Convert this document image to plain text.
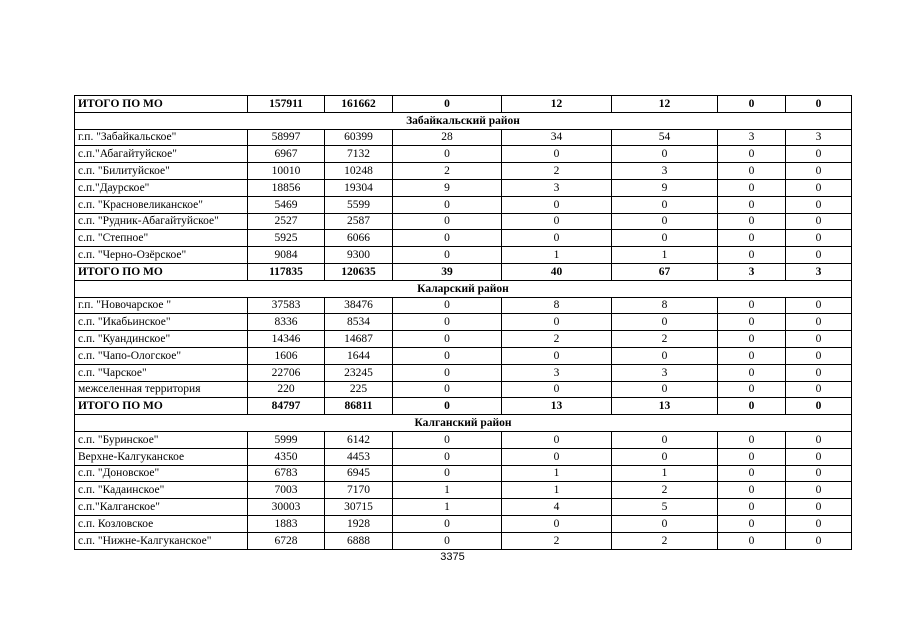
ИТОГО ПО МО	157911	161662	0	12	12	0	0
Забайкальский район							
г.п. "Забайкальское"	58997	60399	28	34	54	3	3
с.п."Абагайтуйское"	6967	7132	0	0	0	0	0
с.п. "Билитуйское"	10010	10248	2	2	3	0	0
с.п."Даурское"	18856	19304	9	3	9	0	0
с.п. "Красновеликанское"	5469	5599	0	0	0	0	0
с.п. "Рудник-Абагайтуйское"	2527	2587	0	0	0	0	0
с.п. "Степное"	5925	6066	0	0	0	0	0
с.п. "Черно-Озёрское"	9084	9300	0	1	1	0	0
ИТОГО ПО МО	117835	120635	39	40	67	3	3
Каларский район							
г.п. "Новочарское "	37583	38476	0	8	8	0	0
с.п. "Икабьинское"	8336	8534	0	0	0	0	0
с.п. "Куандинское"	14346	14687	0	2	2	0	0
с.п. "Чапо-Ологское"	1606	1644	0	0	0	0	0
с.п. "Чарское"	22706	23245	0	3	3	0	0
межселенная территория	220	225	0	0	0	0	0
ИТОГО ПО МО	84797	86811	0	13	13	0	0
Калганский район							
с.п. "Буринское"	5999	6142	0	0	0	0	0
Верхне-Калгуканское	4350	4453	0	0	0	0	0
с.п. "Доновское"	6783	6945	0	1	1	0	0
с.п. "Кадаинское"	7003	7170	1	1	2	0	0
с.п."Калганское"	30003	30715	1	4	5	0	0
с.п. Козловское	1883	1928	0	0	0	0	0
с.п. "Нижне-Калгуканское"	6728	6888	0	2	2	0	0
3375
